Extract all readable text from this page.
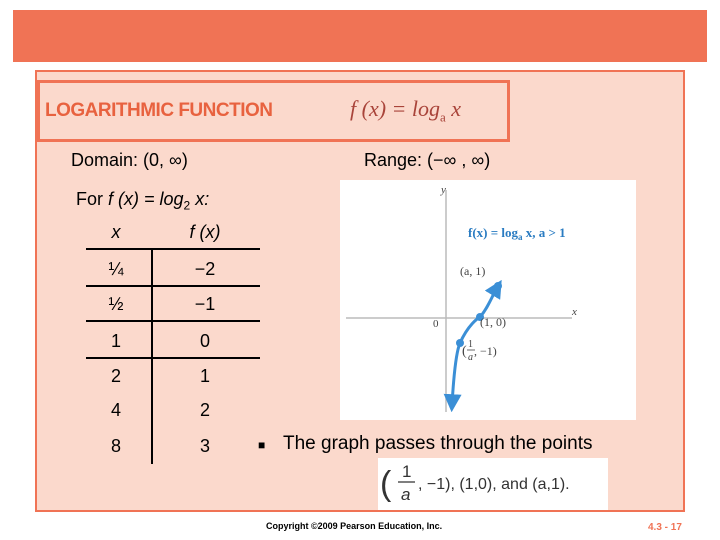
LOGARITHMIC FUNCTION	f $(x) = \log_a x$
Domain: (0, ∞)	Range: (−∞ , ∞)
For f $(x) = \log_2 x$:
x	f (x)
¼	−2
½	−1
1	0
2	1
4	2
8	3
y
x
0
$f(x) = \log_a x$, a > 1
(a, 1)
(1, 0)
( 1
a , −1)
■ The graph passes through the points
( 1
a
, −1), (1,0), and (a,1).
Copyright ©2009 Pearson Education, Inc.	4.3 - 17
